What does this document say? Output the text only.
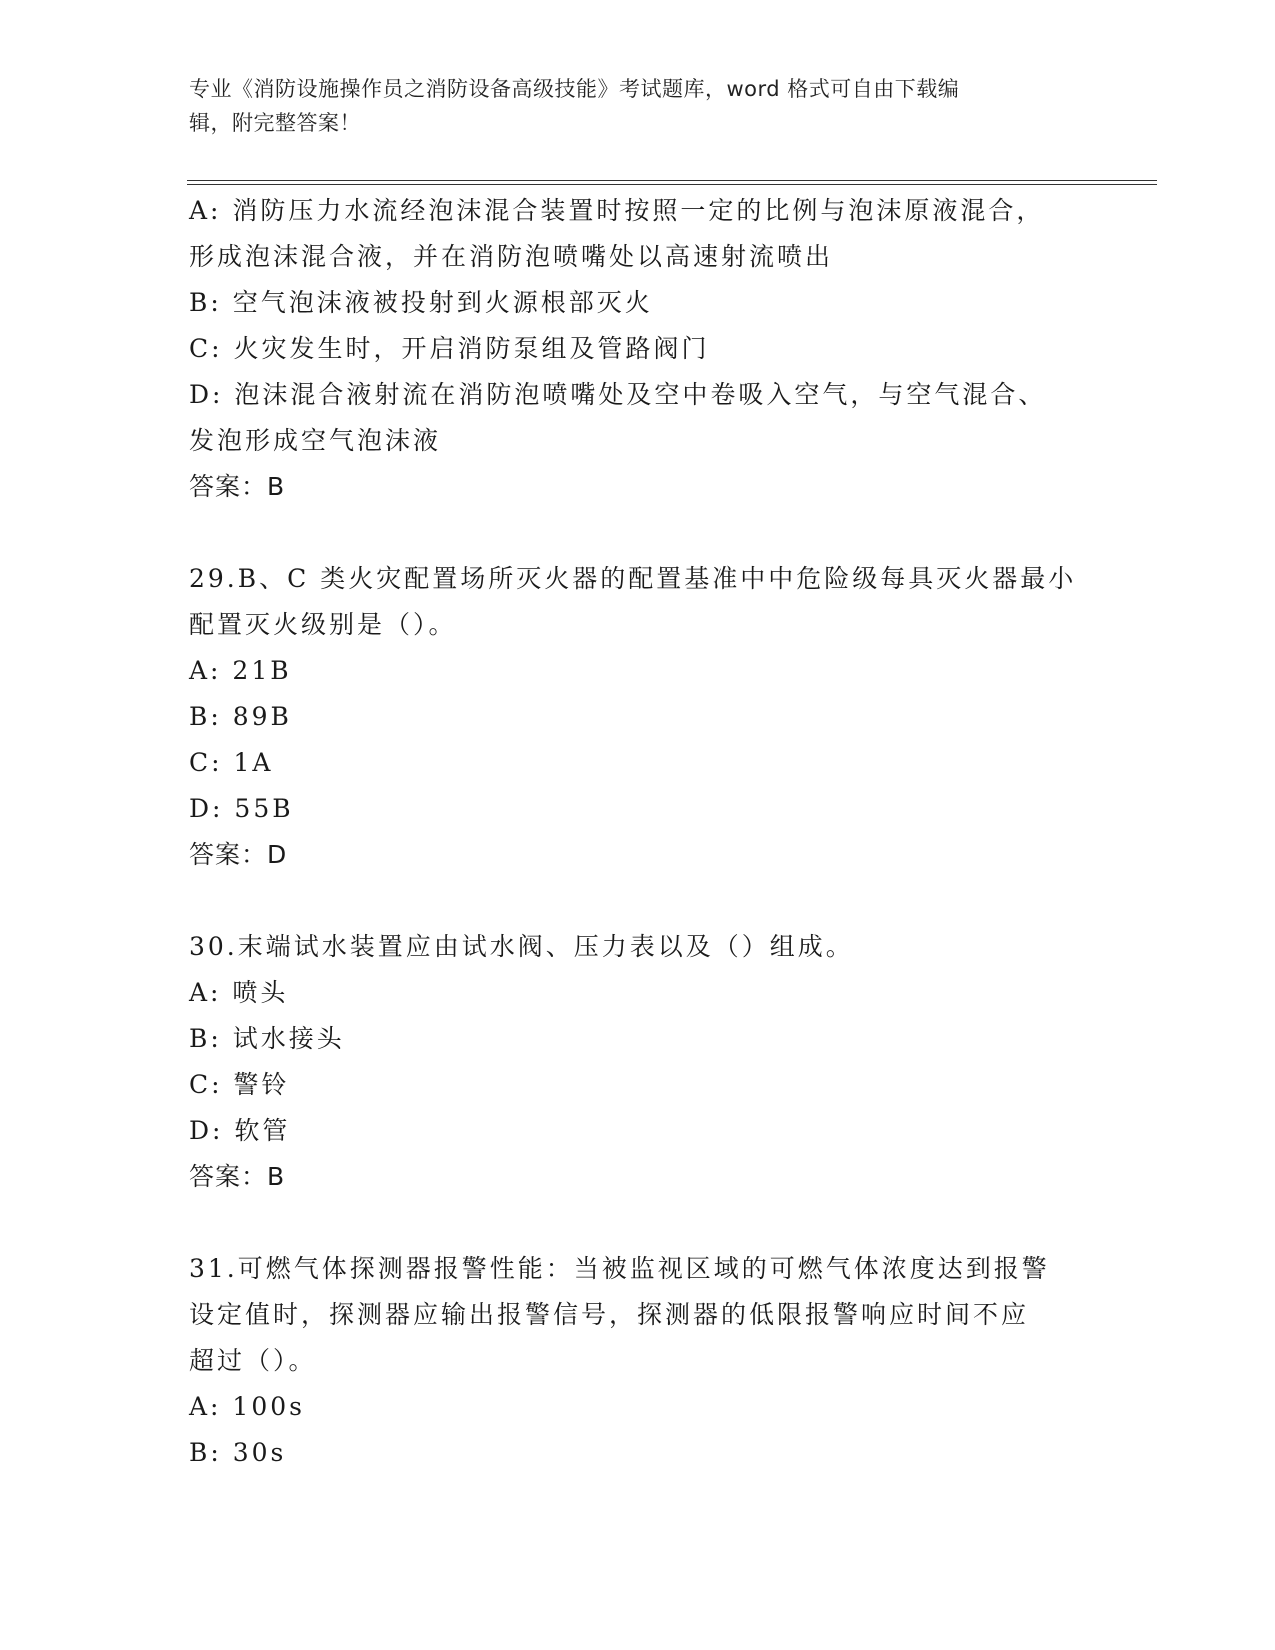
专业《消防设施操作员之消防设备高级技能》考试题库，word 格式可自由下载编
辑，附完整答案！

A: 消防压力水流经泡沫混合装置时按照一定的比例与泡沫原液混合，

形成泡沫混合液，并在消防泡喷嘴处以高速射流喷出

B: 空气泡沫液被投射到火源根部灭火

C: 火灾发生时，开启消防泵组及管路阀门

D: 泡沫混合液射流在消防泡喷嘴处及空中卷吸入空气，与空气混合、

发泡形成空气泡沫液

答案：B

29.B、C 类火灾配置场所灭火器的配置基准中中危险级每具灭火器最小

配置灭火级别是（）。

A: 21B

B: 89B

C: 1A

D: 55B

答案：D

30.末端试水装置应由试水阀、压力表以及（）组成。

A: 喷头

B: 试水接头

C: 警铃

D: 软管

答案：B

31.可燃气体探测器报警性能：当被监视区域的可燃气体浓度达到报警

设定值时，探测器应输出报警信号，探测器的低限报警响应时间不应

超过（）。

A: 100s

B: 30s
